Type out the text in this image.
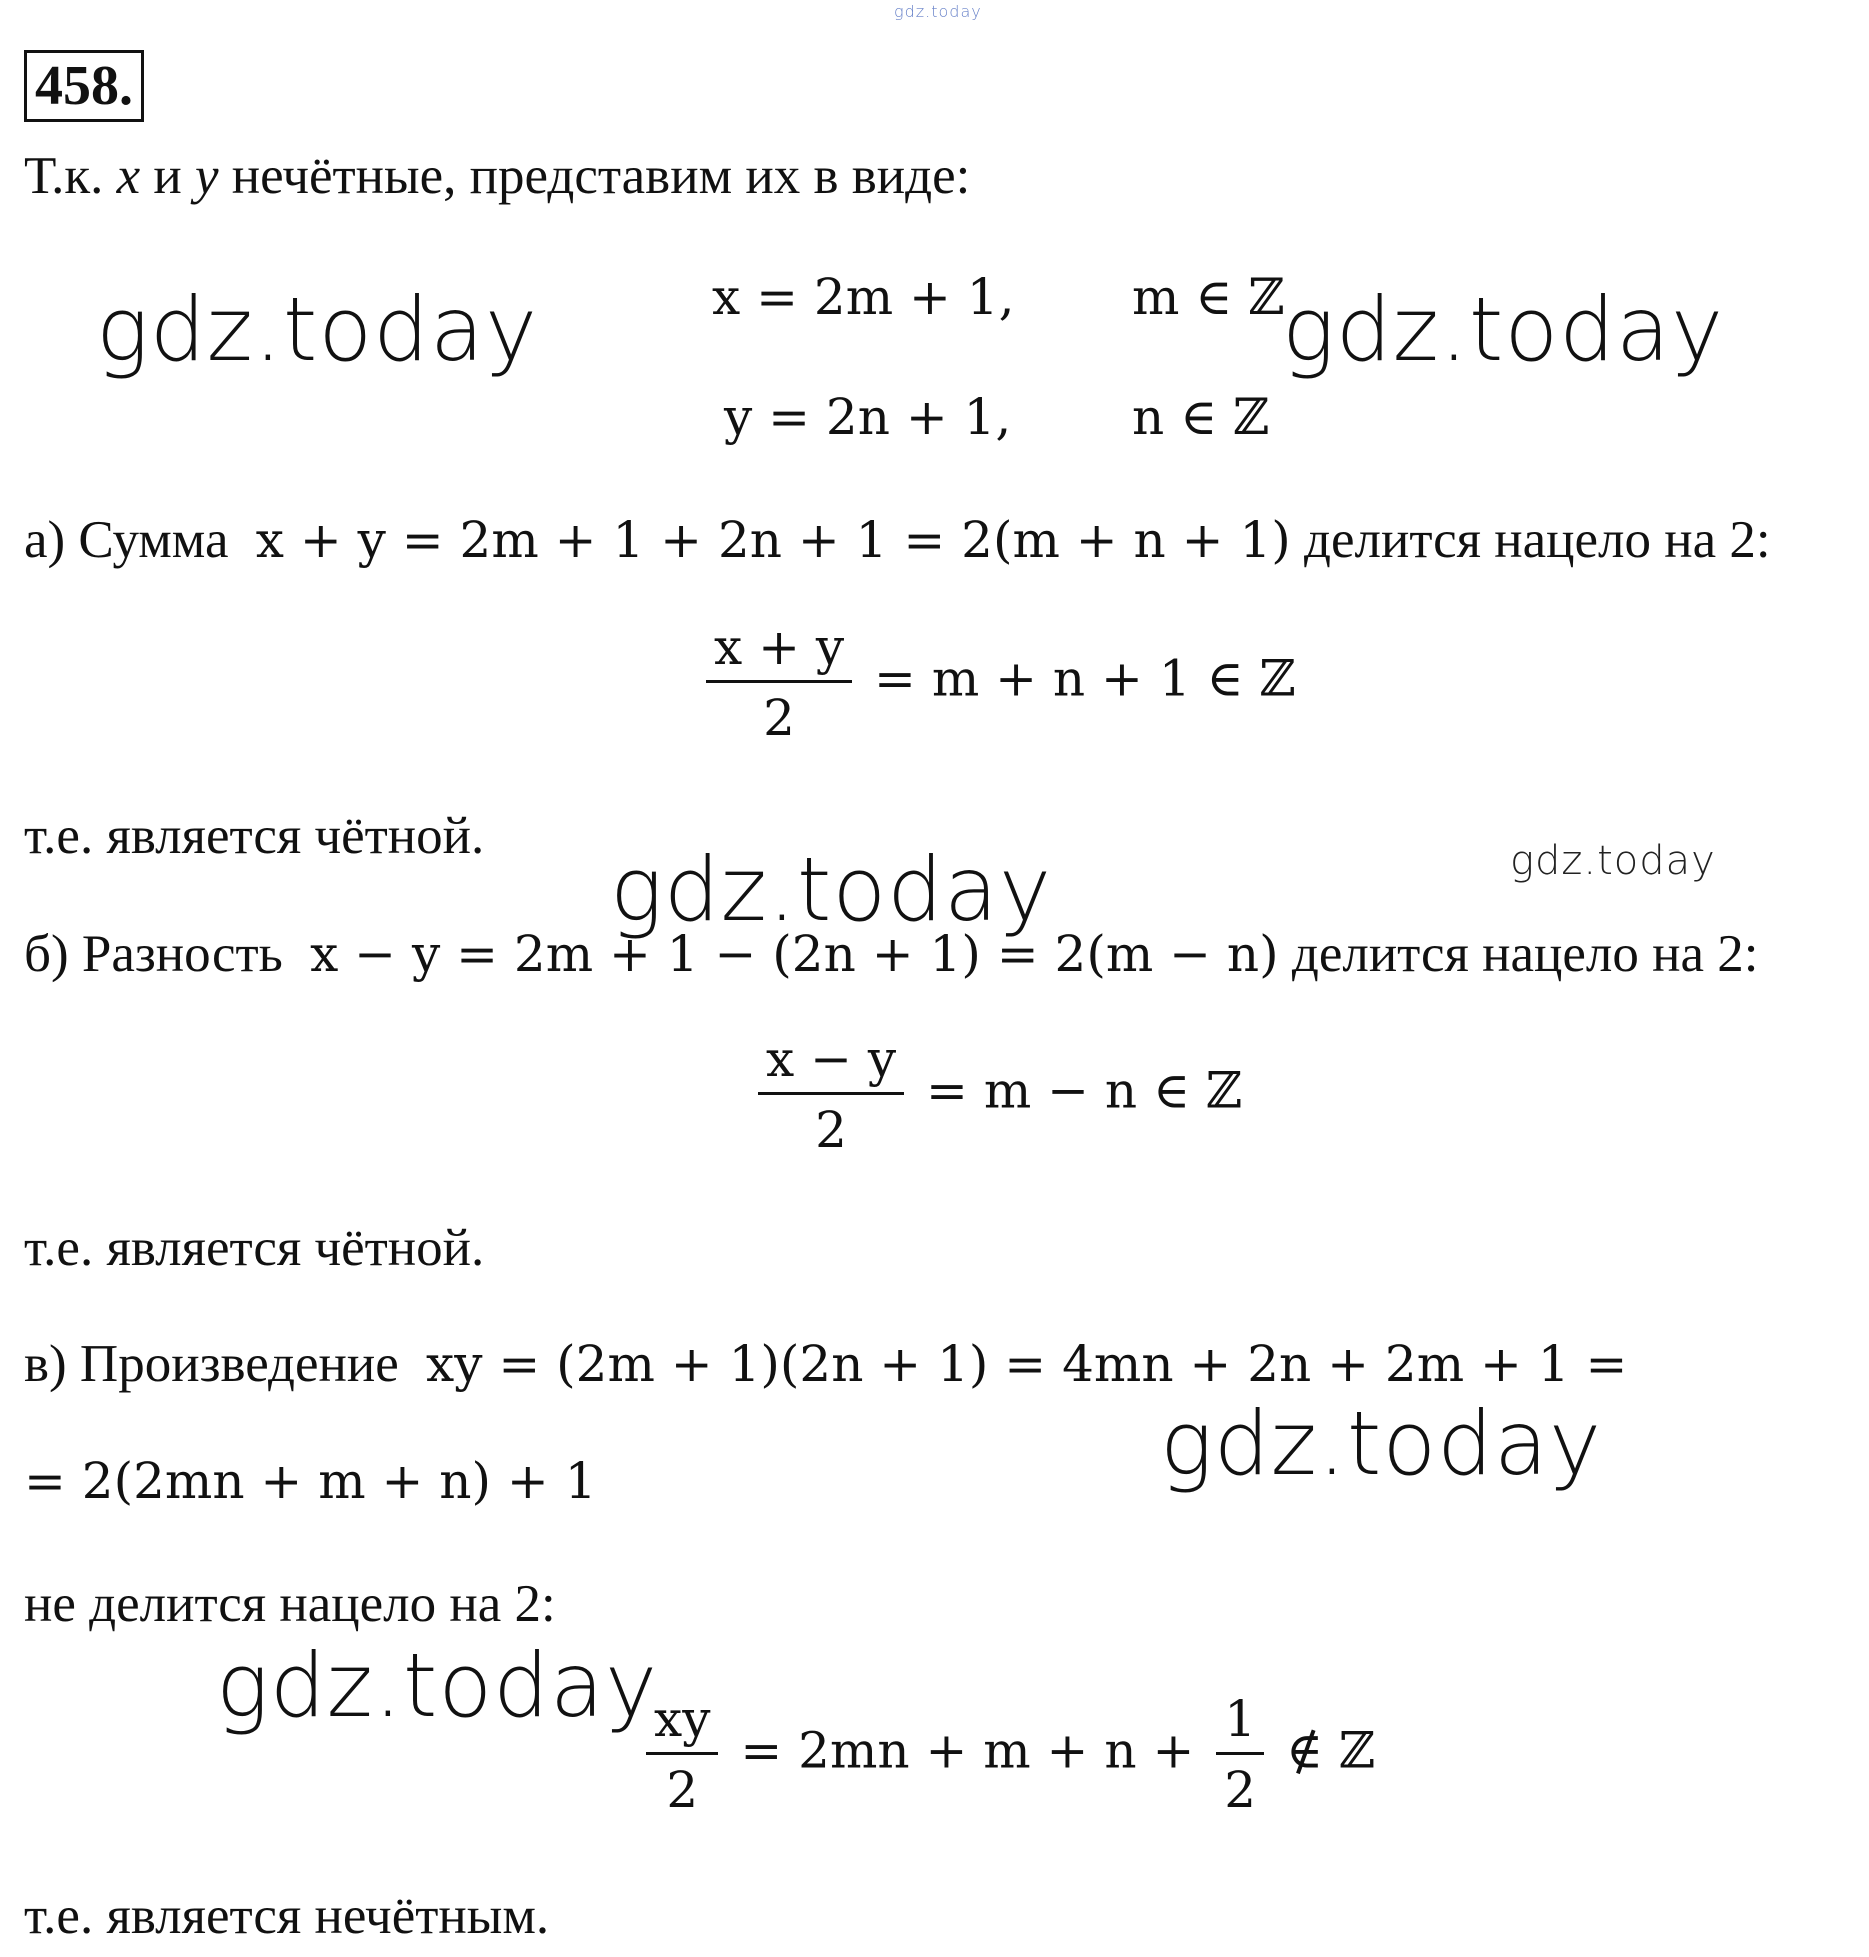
gdz.today
458.
Т.к. x и y нечётные, представим их в виде:
x = 2m + 1, m ∈ ℤ
y = 2n + 1, n ∈ ℤ
а) Сумма x + y = 2m + 1 + 2n + 1 = 2(m + n + 1) делится нацело на 2:
$\frac{x + y}{2} = m + n + 1$ ∈ ℤ
т.е. является чётной.
б) Разность x − y = 2m + 1 − (2n + 1) = 2(m − n) делится нацело на 2:
$\frac{x - y}{2} = m - n$ ∈ ℤ
т.е. является чётной.
в) Произведение xy = (2m + 1)(2n + 1) = 4mn + 2n + 2m + 1 =
= 2(2mn + m + n) + 1
не делится нацело на 2:
$\frac{xy}{2} = 2mn + m + n + \frac{1}{2}$ ∉ ℤ
т.е. является нечётным.
gdz.today	gdz.today
gdz.today	gdz.today
gdz.today
gdz.today
